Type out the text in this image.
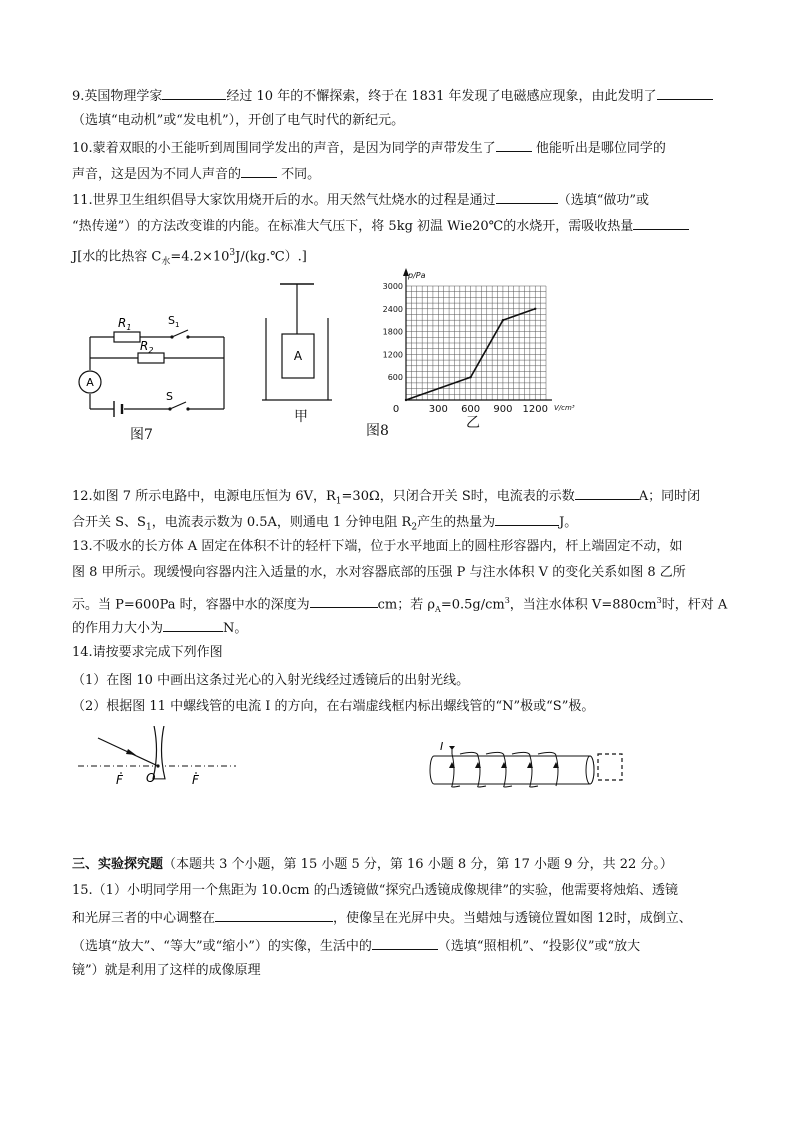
9.英国物理学家	经过 10 年的不懈探索，终于在 1831 年发现了电磁感应现象，由此发明了
（选填“电动机”或“发电机”），开创了电气时代的新纪元。
10.蒙着双眼的小王能听到周围同学发出的声音，是因为同学的声带发生了	他能听出是哪位同学的
声音，这是因为不同人声音的	不同。
11.世界卫生组织倡导大家饮用烧开后的水。用天然气灶烧水的过程是通过	（选填“做功”或
“热传递”）的方法改变谁的内能。在标准大气压下，将 5kg 初温 Wie20℃的水烧开，需吸收热量
J[水的比热容 $C_水=4.2\times 10^3J/(kg.℃)$.]
A
$R_1$
$R_2$
$S_1$
S
图7
A
甲
图8
600
1200
1800
2400
3000
0	300 600 900 1200
p/Pa
V/cm³
乙
12.如图 7 所示电路中，电源电压恒为 6V，$R_1=30\Omega$，只闭合开关 S时，电流表的示数	A；同时闭
合开关 S、$S_1$，电流表示数为 0.5A，则通电 1 分钟电阻 $R_2$产生的热量为	J。
13.不吸水的长方体 A 固定在体积不计的轻杆下端，位于水平地面上的圆柱形容器内，杆上端固定不动，如
图 8 甲所示。现缓慢向容器内注入适量的水，水对容器底部的压强 P 与注水体积 V 的变化关系如图 8 乙所
示。当 P=600Pa 时，容器中水的深度为	cm；若 $\rho_A=0.5g/cm^3$，当注水体积 $V=880cm^3$时，杆对 A
的作用力大小为	N。
14.请按要求完成下列作图
（1）在图 10 中画出这条过光心的入射光线经过透镜后的出射光线。
（2）根据图 11 中螺线管的电流 I 的方向，在右端虚线框内标出螺线管的“N”极或“S”极。
F O	F
I
三、实验探究题（本题共 3 个小题，第 15 小题 5 分，第 16 小题 8 分，第 17 小题 9 分，共 22 分。）
15.（1）小明同学用一个焦距为 10.0cm 的凸透镜做“探究凸透镜成像规律”的实验，他需要将烛焰、透镜
和光屏三者的中心调整在	，使像呈在光屏中央。当蜡烛与透镜位置如图 12时，成倒立、
（选填“放大”、“等大”或“缩小”）的实像，生活中的	（选填“照相机”、“投影仪”或“放大
镜”）就是利用了这样的成像原理
